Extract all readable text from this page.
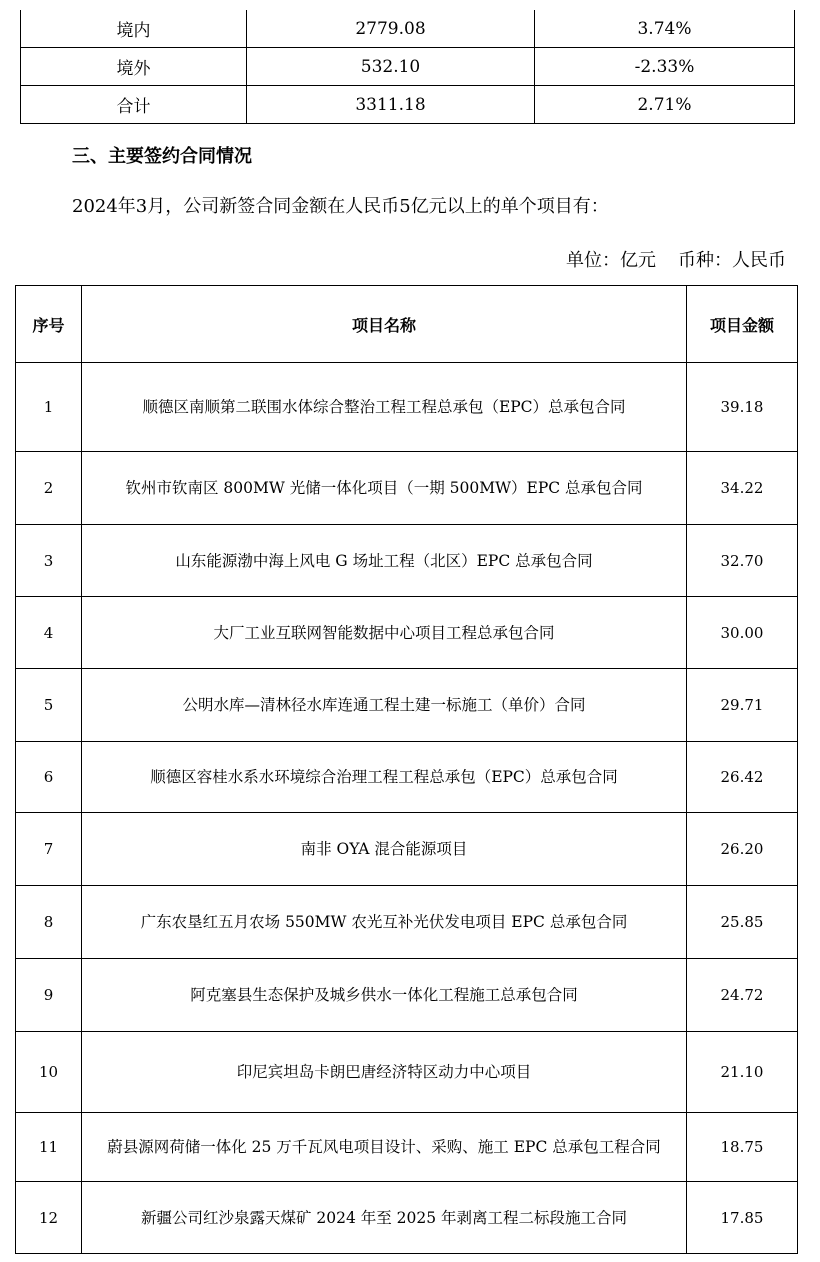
境内	2779.08	3.74%
境外	532.10	-2.33%
合计	3311.18	2.71%
三、主要签约合同情况
2024年3月，公司新签合同金额在人民币5亿元以上的单个项目有：
单位：亿元 币种：人民币
序号	项目名称	项目金额
1	顺德区南顺第二联围水体综合整治工程工程总承包（EPC）总承包合同	39.18
2	钦州市钦南区 800MW 光储一体化项目（一期 500MW）EPC 总承包合同	34.22
3	山东能源渤中海上风电 G 场址工程（北区）EPC 总承包合同	32.70
4	大厂工业互联网智能数据中心项目工程总承包合同	30.00
5	公明水库—清林径水库连通工程土建一标施工（单价）合同	29.71
6	顺德区容桂水系水环境综合治理工程工程总承包（EPC）总承包合同	26.42
7	南非 OYA 混合能源项目	26.20
8	广东农垦红五月农场 550MW 农光互补光伏发电项目 EPC 总承包合同	25.85
9	阿克塞县生态保护及城乡供水一体化工程施工总承包合同	24.72
10	印尼宾坦岛卡朗巴唐经济特区动力中心项目	21.10
11	蔚县源网荷储一体化 25 万千瓦风电项目设计、采购、施工 EPC 总承包工程合同	18.75
12	新疆公司红沙泉露天煤矿 2024 年至 2025 年剥离工程二标段施工合同	17.85
